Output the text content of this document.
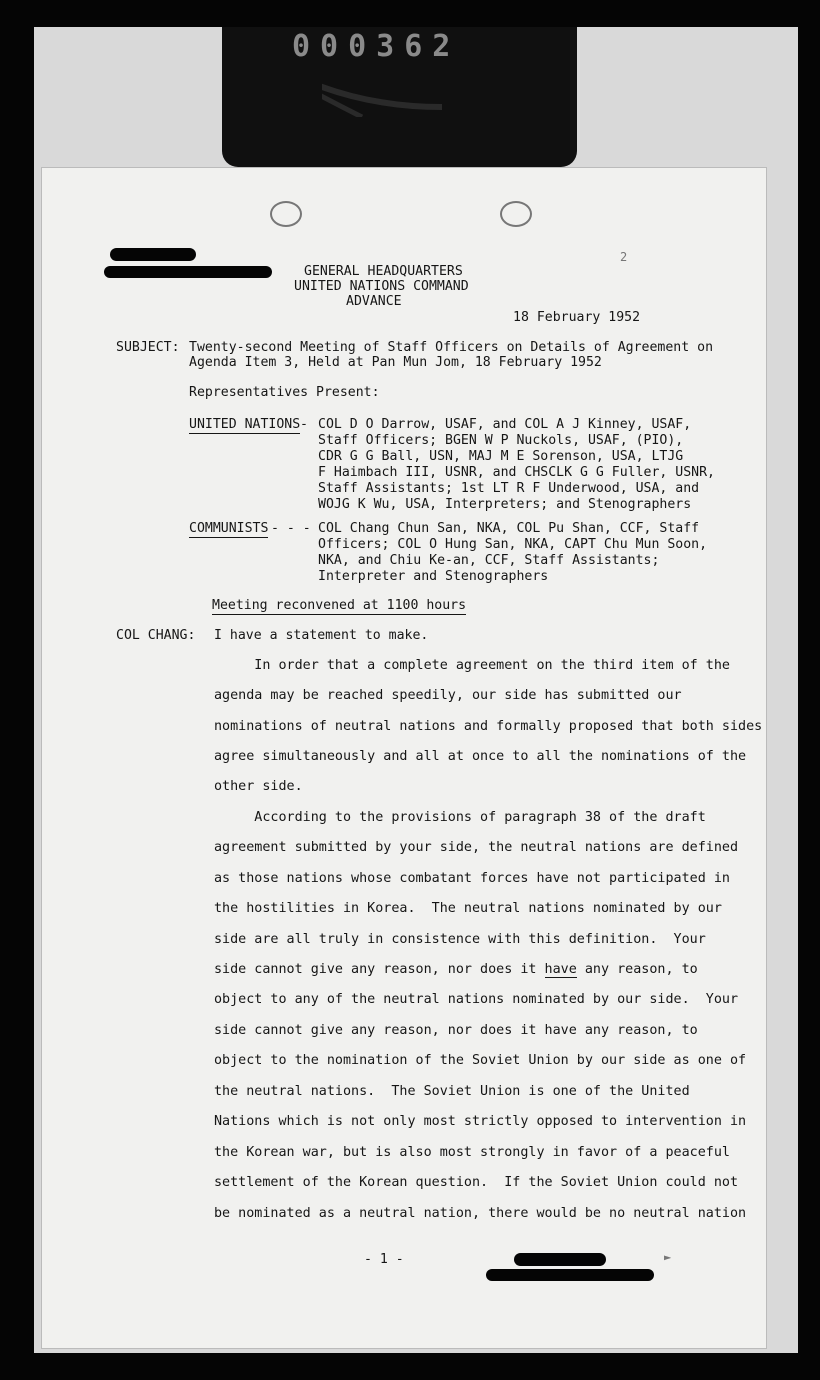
000362
2
GENERAL HEADQUARTERS
UNITED NATIONS COMMAND
ADVANCE
18 February 1952
SUBJECT: Twenty-second Meeting of Staff Officers on Details of Agreement on
Agenda Item 3, Held at Pan Mun Jom, 18 February 1952
Representatives Present:
UNITED NATIONS - COL D O Darrow, USAF, and COL A J Kinney, USAF,
Staff Officers; BGEN W P Nuckols, USAF, (PIO),
CDR G G Ball, USN, MAJ M E Sorenson, USA, LTJG
F Haimbach III, USNR, and CHSCLK G G Fuller, USNR,
Staff Assistants; 1st LT R F Underwood, USA, and
WOJG K Wu, USA, Interpreters; and Stenographers
COMMUNISTS - - - COL Chang Chun San, NKA, COL Pu Shan, CCF, Staff
Officers; COL O Hung San, NKA, CAPT Chu Mun Soon,
NKA, and Chiu Ke-an, CCF, Staff Assistants;
Interpreter and Stenographers
Meeting reconvened at 1100 hours
COL CHANG: I have a statement to make.
In order that a complete agreement on the third item of the
agenda may be reached speedily, our side has submitted our
nominations of neutral nations and formally proposed that both sides
agree simultaneously and all at once to all the nominations of the
other side.
According to the provisions of paragraph 38 of the draft
agreement submitted by your side, the neutral nations are defined
as those nations whose combatant forces have not participated in
the hostilities in Korea.  The neutral nations nominated by our
side are all truly in consistence with this definition.  Your
side cannot give any reason, nor does it have any reason, to
object to any of the neutral nations nominated by our side.  Your
side cannot give any reason, nor does it have any reason, to
object to the nomination of the Soviet Union by our side as one of
the neutral nations.  The Soviet Union is one of the United
Nations which is not only most strictly opposed to intervention in
the Korean war, but is also most strongly in favor of a peaceful
settlement of the Korean question.  If the Soviet Union could not
be nominated as a neutral nation, there would be no neutral nation
- 1 -	►
